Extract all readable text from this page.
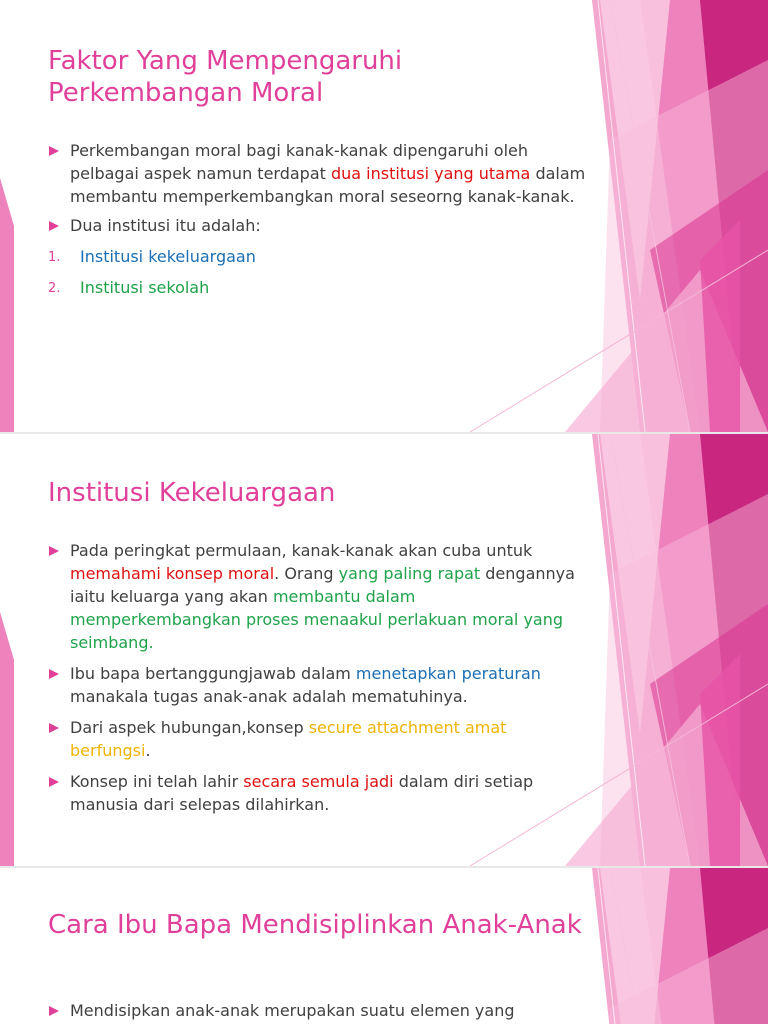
Faktor Yang Mempengaruhi
Perkembangan Moral

Perkembangan moral bagi kanak-kanak dipengaruhi oleh pelbagai aspek namun terdapat dua institusi yang utama dalam membantu memperkembangkan moral seseorng kanak-kanak.

Dua institusi itu adalah:

1. Institusi kekeluargaan

2. Institusi sekolah

Institusi Kekeluargaan

Pada peringkat permulaan, kanak-kanak akan cuba untuk memahami konsep moral. Orang yang paling rapat dengannya iaitu keluarga yang akan membantu dalam memperkembangkan proses menaakul perlakuan moral yang seimbang.

Ibu bapa bertanggungjawab dalam menetapkan peraturan manakala tugas anak-anak adalah mematuhinya.

Dari aspek hubungan,konsep secure attachment amat berfungsi.

Konsep ini telah lahir secara semula jadi dalam diri setiap manusia dari selepas dilahirkan.

Cara Ibu Bapa Mendisiplinkan Anak-Anak

Mendisipkan anak-anak merupakan suatu elemen yang
